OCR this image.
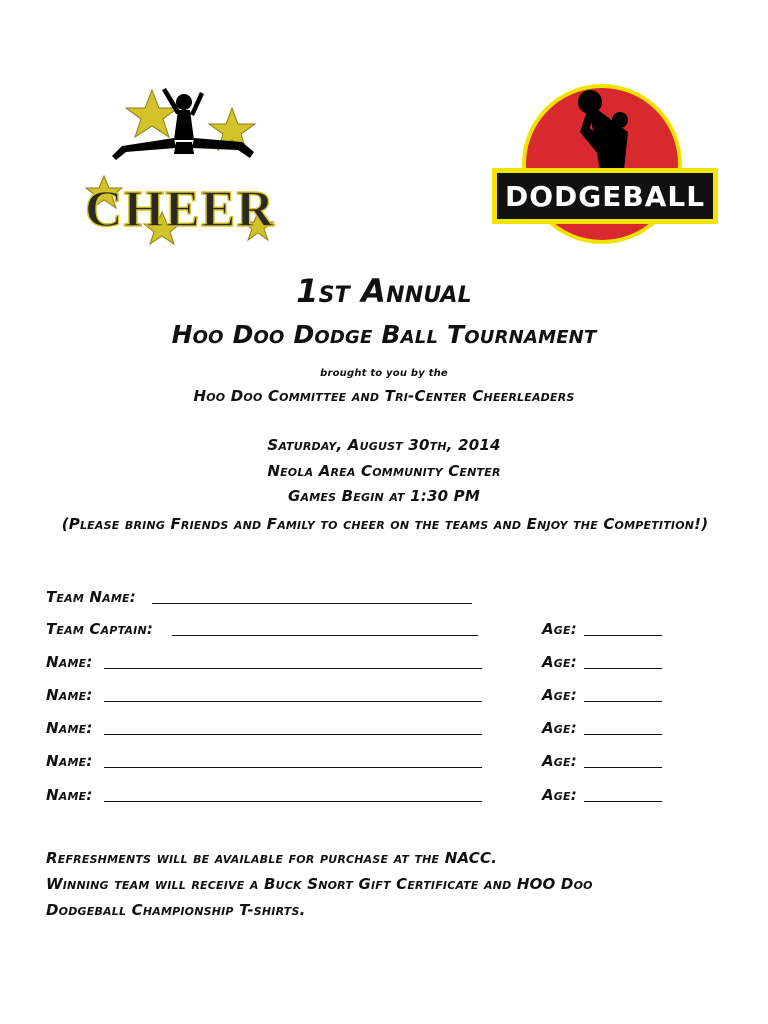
CHEER	DODGEBALL
1st Annual
Hoo Doo Dodge Ball Tournament
brought to you by the
Hoo Doo Committee and Tri-Center Cheerleaders
Saturday, August 30th, 2014
Neola Area Community Center
Games Begin at 1:30 PM
(Please bring Friends and Family to cheer on the teams and Enjoy the Competition!)
Team Name:
Team Captain:	Age:
Name:	Age:
Name:	Age:
Name:	Age:
Name:	Age:
Name:	Age:
Refreshments will be available for purchase at the NACC.
Winning team will receive a Buck Snort Gift Certificate and HOO Doo
Dodgeball Championship T-shirts.
